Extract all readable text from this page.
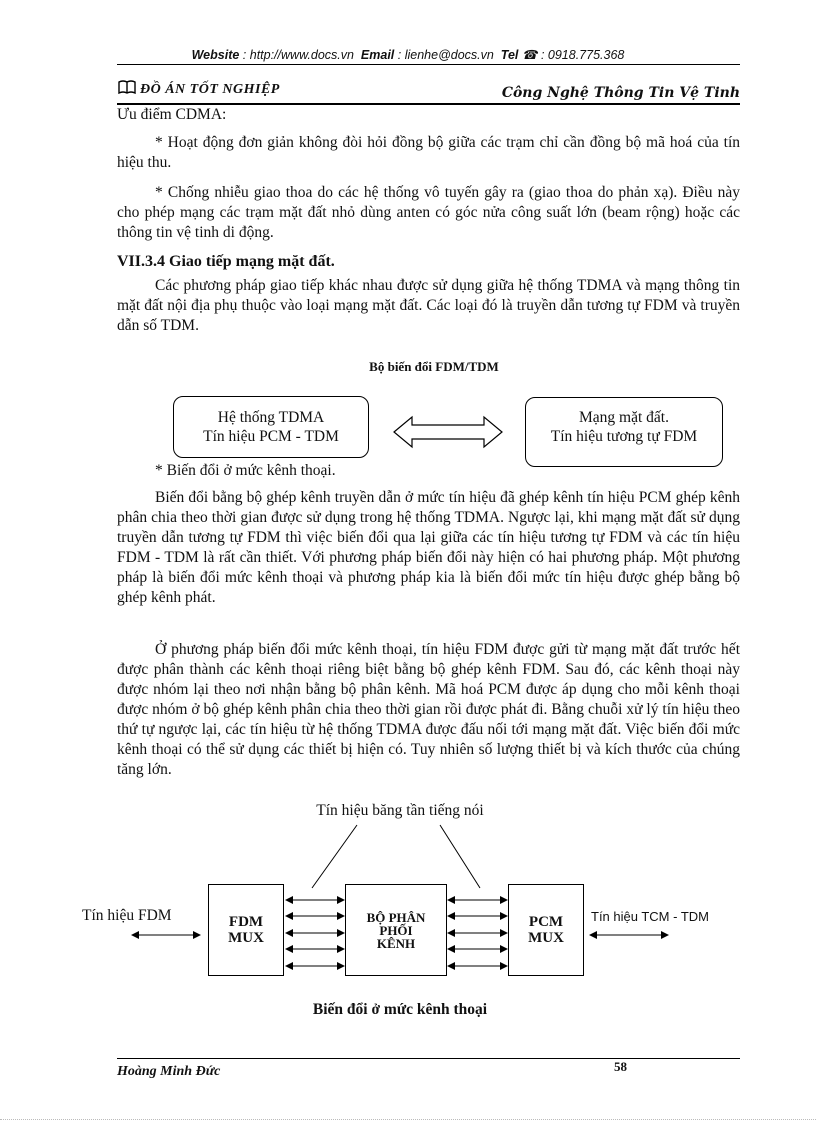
Website : http://www.docs.vn Email : lienhe@docs.vn Tel ☎ : 0918.775.368
ĐỒ ÁN TỐT NGHIỆP	Công Nghệ Thông Tin Vệ Tinh

Ưu điểm CDMA:

* Hoạt động đơn giản không đòi hỏi đồng bộ giữa các trạm chỉ cần đồng bộ mã hoá của tín hiệu thu.

* Chống nhiễu giao thoa do các hệ thống vô tuyến gây ra (giao thoa do phản xạ). Điều này cho phép mạng các trạm mặt đất nhỏ dùng anten có góc nửa công suất lớn (beam rộng) hoặc các thông tin vệ tinh di động.

VII.3.4 Giao tiếp mạng mặt đất.

Các phương pháp giao tiếp khác nhau được sử dụng giữa hệ thống TDMA và mạng thông tin mặt đất nội địa phụ thuộc vào loại mạng mặt đất. Các loại đó là truyền dẫn tương tự FDM và truyền dẫn số TDM.

Bộ biến đổi FDM/TDM
Hệ thống TDMA
Tín hiệu PCM - TDM
Mạng mặt đất.
Tín hiệu tương tự FDM
* Biến đổi ở mức kênh thoại.

Biến đổi bằng bộ ghép kênh truyền dẫn ở mức tín hiệu đã ghép kênh tín hiệu PCM ghép kênh phân chia theo thời gian được sử dụng trong hệ thống TDMA. Ngược lại, khi mạng mặt đất sử dụng truyền dẫn tương tự FDM thì việc biến đổi qua lại giữa các tín hiệu tương tự FDM và các tín hiệu FDM - TDM là rất cần thiết. Với phương pháp biến đổi này hiện có hai phương pháp. Một phương pháp là biến đổi mức kênh thoại và phương pháp kia là biến đổi mức tín hiệu được ghép bằng bộ ghép kênh phát.

Ở phương pháp biến đổi mức kênh thoại, tín hiệu FDM được gửi từ mạng mặt đất trước hết được phân thành các kênh thoại riêng biệt bằng bộ ghép kênh FDM. Sau đó, các kênh thoại này được nhóm lại theo nơi nhận bằng bộ phân kênh. Mã hoá PCM được áp dụng cho mỗi kênh thoại được nhóm ở bộ ghép kênh phân chia theo thời gian rồi được phát đi. Bằng chuỗi xử lý tín hiệu theo thứ tự ngược lại, các tín hiệu từ hệ thống TDMA được đấu nối tới mạng mặt đất. Việc biến đổi mức kênh thoại có thể sử dụng các thiết bị hiện có. Tuy nhiên số lượng thiết bị và kích thước của chúng tăng lớn.

Tín hiệu băng tần tiếng nói
Tín hiệu FDM	FDM
MUX
BỘ PHÂN
PHỐI
KÊNH
PCM
MUX
Tín hiệu TCM - TDM
Biến đổi ở mức kênh thoại
Hoàng Minh Đức	58
